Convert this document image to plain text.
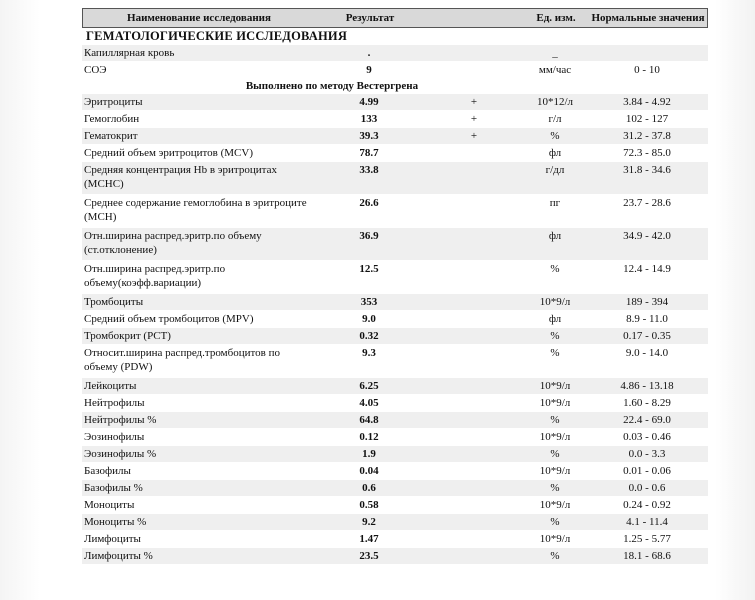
Наименование исследования	Результат	Ед. изм.	Нормальные значения
ГЕМАТОЛОГИЧЕСКИЕ ИССЛЕДОВАНИЯ
Капиллярная кровь	.	_
СОЭ	9	мм/час	0 - 10
Выполнено по методу Вестергрена
Эритроциты	4.99	+	10*12/л	3.84 - 4.92
Гемоглобин	133	+	г/л	102 - 127
Гематокрит	39.3	+	%	31.2 - 37.8
Средний объем эритроцитов (MCV)	78.7	фл	72.3 - 85.0
Средняя концентрация Hb в эритроцитах (MCHC)
33.8	г/дл	31.8 - 34.6
Среднее содержание гемоглобина в эритроците (MCH)
26.6	пг	23.7 - 28.6
Отн.ширина распред.эритр.по объему (ст.отклонение)
36.9	фл	34.9 - 42.0
Отн.ширина распред.эритр.по объему(коэфф.вариации)
12.5	%	12.4 - 14.9
Тромбоциты	353	10*9/л	189 - 394
Средний объем тромбоцитов (MPV)	9.0	фл	8.9 - 11.0
Тромбокрит (PCT)	0.32	%	0.17 - 0.35
Относит.ширина распред.тромбоцитов по объему (PDW)
9.3	%	9.0 - 14.0
Лейкоциты	6.25	10*9/л	4.86 - 13.18
Нейтрофилы	4.05	10*9/л	1.60 - 8.29
Нейтрофилы %	64.8	%	22.4 - 69.0
Эозинофилы	0.12	10*9/л	0.03 - 0.46
Эозинофилы %	1.9	%	0.0 - 3.3
Базофилы	0.04	10*9/л	0.01 - 0.06
Базофилы %	0.6	%	0.0 - 0.6
Моноциты	0.58	10*9/л	0.24 - 0.92
Моноциты %	9.2	%	4.1 - 11.4
Лимфоциты	1.47	10*9/л	1.25 - 5.77
Лимфоциты %	23.5	%	18.1 - 68.6
